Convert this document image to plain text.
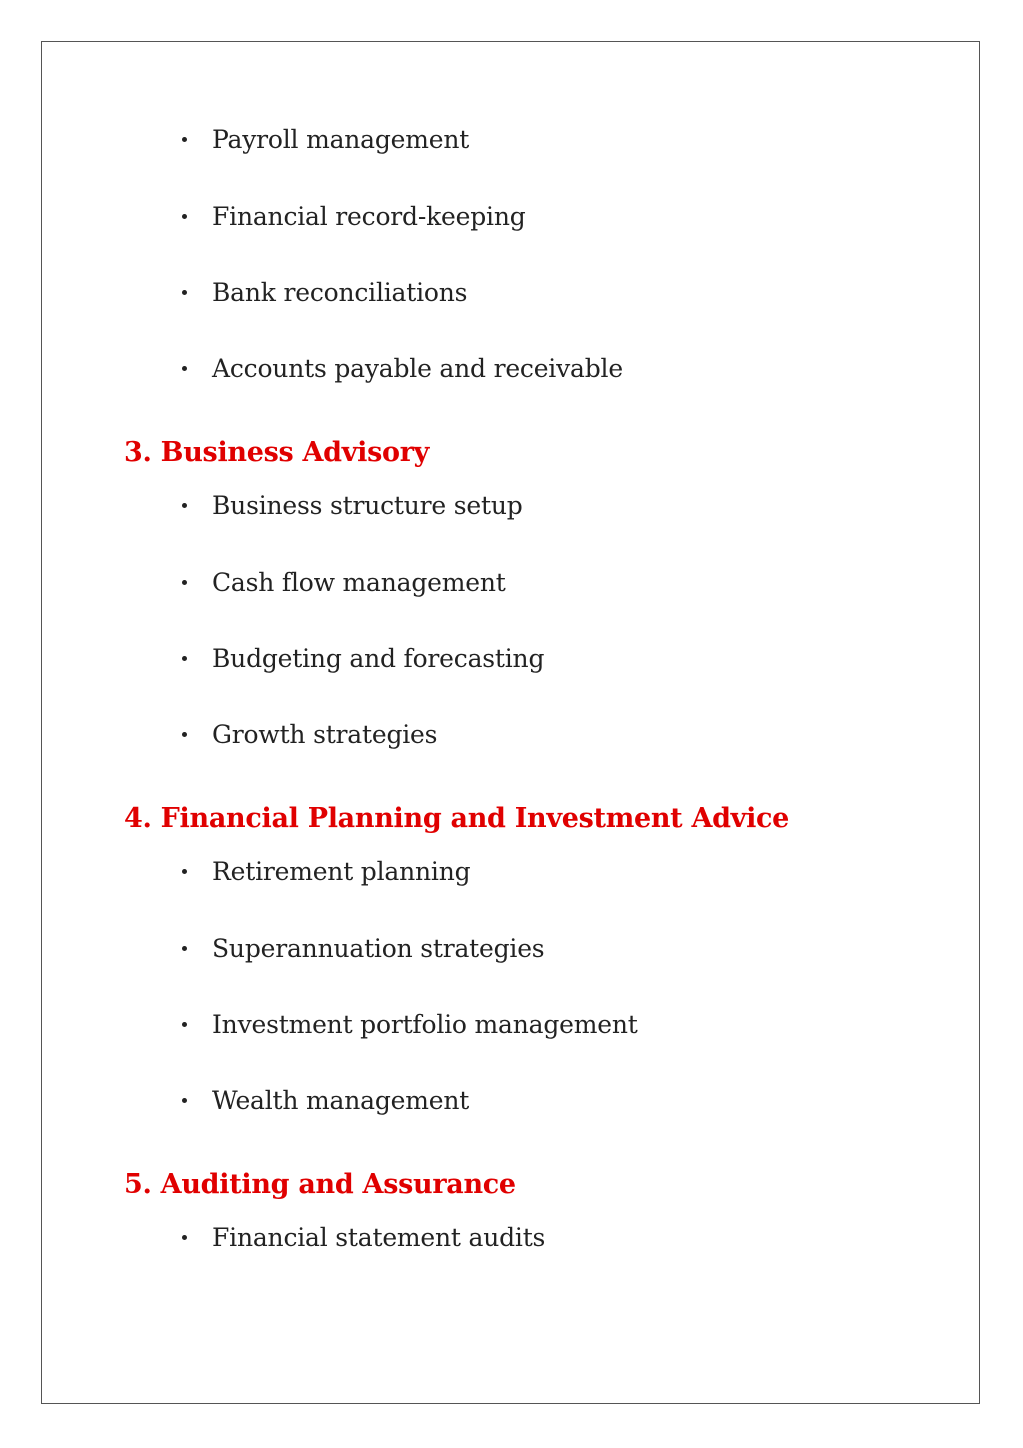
Payroll management
Financial record-keeping
Bank reconciliations
Accounts payable and receivable
3. Business Advisory
Business structure setup
Cash flow management
Budgeting and forecasting
Growth strategies
4. Financial Planning and Investment Advice
Retirement planning
Superannuation strategies
Investment portfolio management
Wealth management
5. Auditing and Assurance
Financial statement audits
